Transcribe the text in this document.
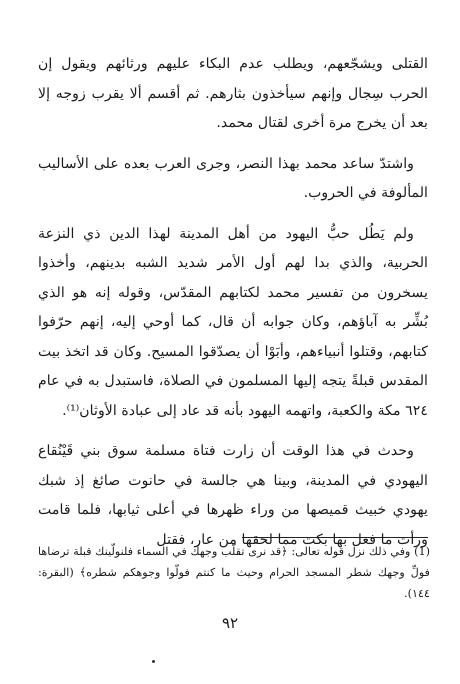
القتلى ويشجّعهم، ويطلب عدم البكاء عليهم ورثائهم ويقول إن الحرب سِجال وإنهم سيأخذون بثارهم. ثم أقسم ألا يقرب زوجه إلا بعد أن يخرج مرة أخرى لقتال محمد.

واشتدّ ساعد محمد بهذا النصر، وجرى العرب بعده على الأساليب المألوفة في الحروب.

ولم يَطُل حبُّ اليهود من أهل المدينة لهذا الدين ذي النزعة الحربية، والذي بدا لهم أول الأمر شديد الشبه بدينهم، وأخذوا يسخرون من تفسير محمد لكتابهم المقدّس، وقوله إنه هو الذي بُشِّر به آباؤهم، وكان جوابه أن قال، كما أوحي إليه، إنهم حرّفوا كتابهم، وقتلوا أنبياءهم، وأبَوْا أن يصدّقوا المسيح. وكان قد اتخذ بيت المقدس قبلةً يتجه إليها المسلمون في الصلاة، فاستبدل به في عام ٦٢٤ مكة والكعبة، واتهمه اليهود بأنه قد عاد إلى عبادة الأوثان⁽¹⁾.

وحدث في هذا الوقت أن زارت فتاة مسلمة سوق بني قَيْنُقاع اليهودي في المدينة، وبينا هي جالسة في حانوت صائغ إذ شبك يهودي خبيث قميصها من وراء ظهرها في أعلى ثيابها، فلما قامت ورأت ما فعل بها بكت مما لحقها من عار، فقتل

(1) وفي ذلك نزل قوله تعالى: ﴿قد نرى تقلّب وجهك في السماء فلنولّينك قبلة ترضاها فولِّ وجهك شطر المسجد الحرام وحيث ما كنتم فولّوا وجوهكم شطره﴾ (البقرة: ١٤٤).

٩٢
